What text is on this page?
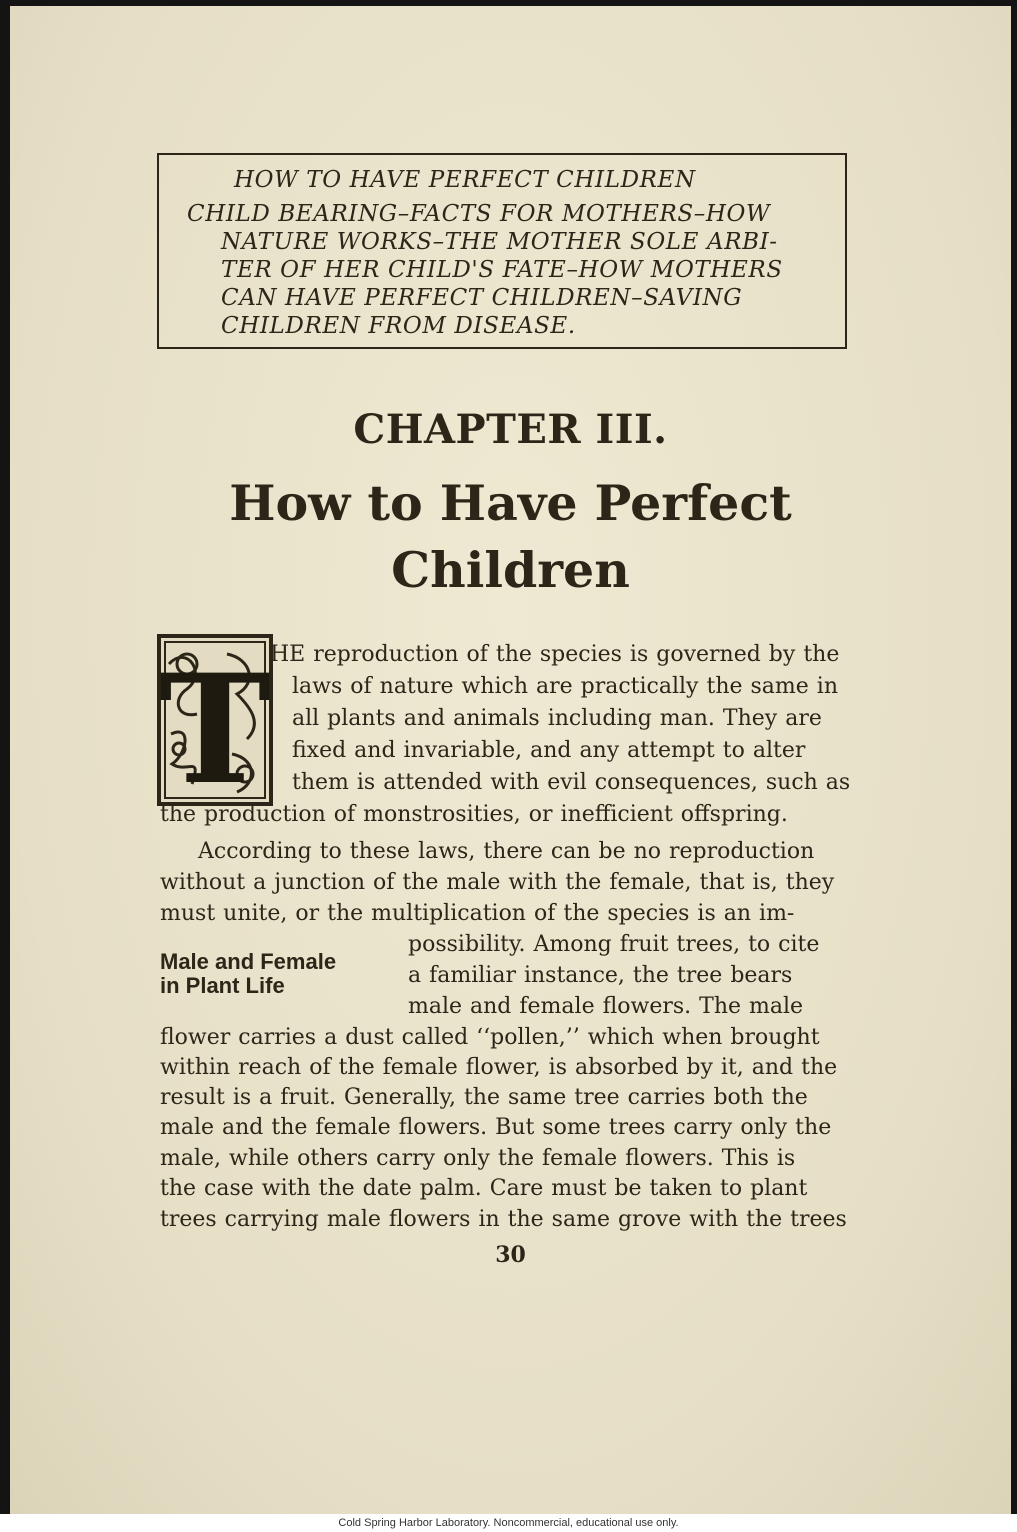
HOW TO HAVE PERFECT CHILDREN
CHILD BEARING–FACTS FOR MOTHERS–HOW
NATURE WORKS–THE MOTHER SOLE ARBI-
TER OF HER CHILD'S FATE–HOW MOTHERS
CAN HAVE PERFECT CHILDREN–SAVING
CHILDREN FROM DISEASE.
CHAPTER III.
How to Have Perfect
Children
T HE reproduction of the species is governed by the
laws of nature which are practically the same in
all plants and animals including man. They are
fixed and invariable, and any attempt to alter
them is attended with evil consequences, such as
the production of monstrosities, or inefficient offspring.
According to these laws, there can be no reproduction
without a junction of the male with the female, that is, they
must unite, or the multiplication of the species is an im-
possibility. Among fruit trees, to cite
a familiar instance, the tree bears
male and female flowers. The male
flower carries a dust called ‘‘pollen,’’ which when brought
within reach of the female flower, is absorbed by it, and the
result is a fruit. Generally, the same tree carries both the
male and the female flowers. But some trees carry only the
male, while others carry only the female flowers. This is
the case with the date palm. Care must be taken to plant
trees carrying male flowers in the same grove with the trees
Male and Female
in Plant Life
30
Cold Spring Harbor Laboratory. Noncommercial, educational use only.
